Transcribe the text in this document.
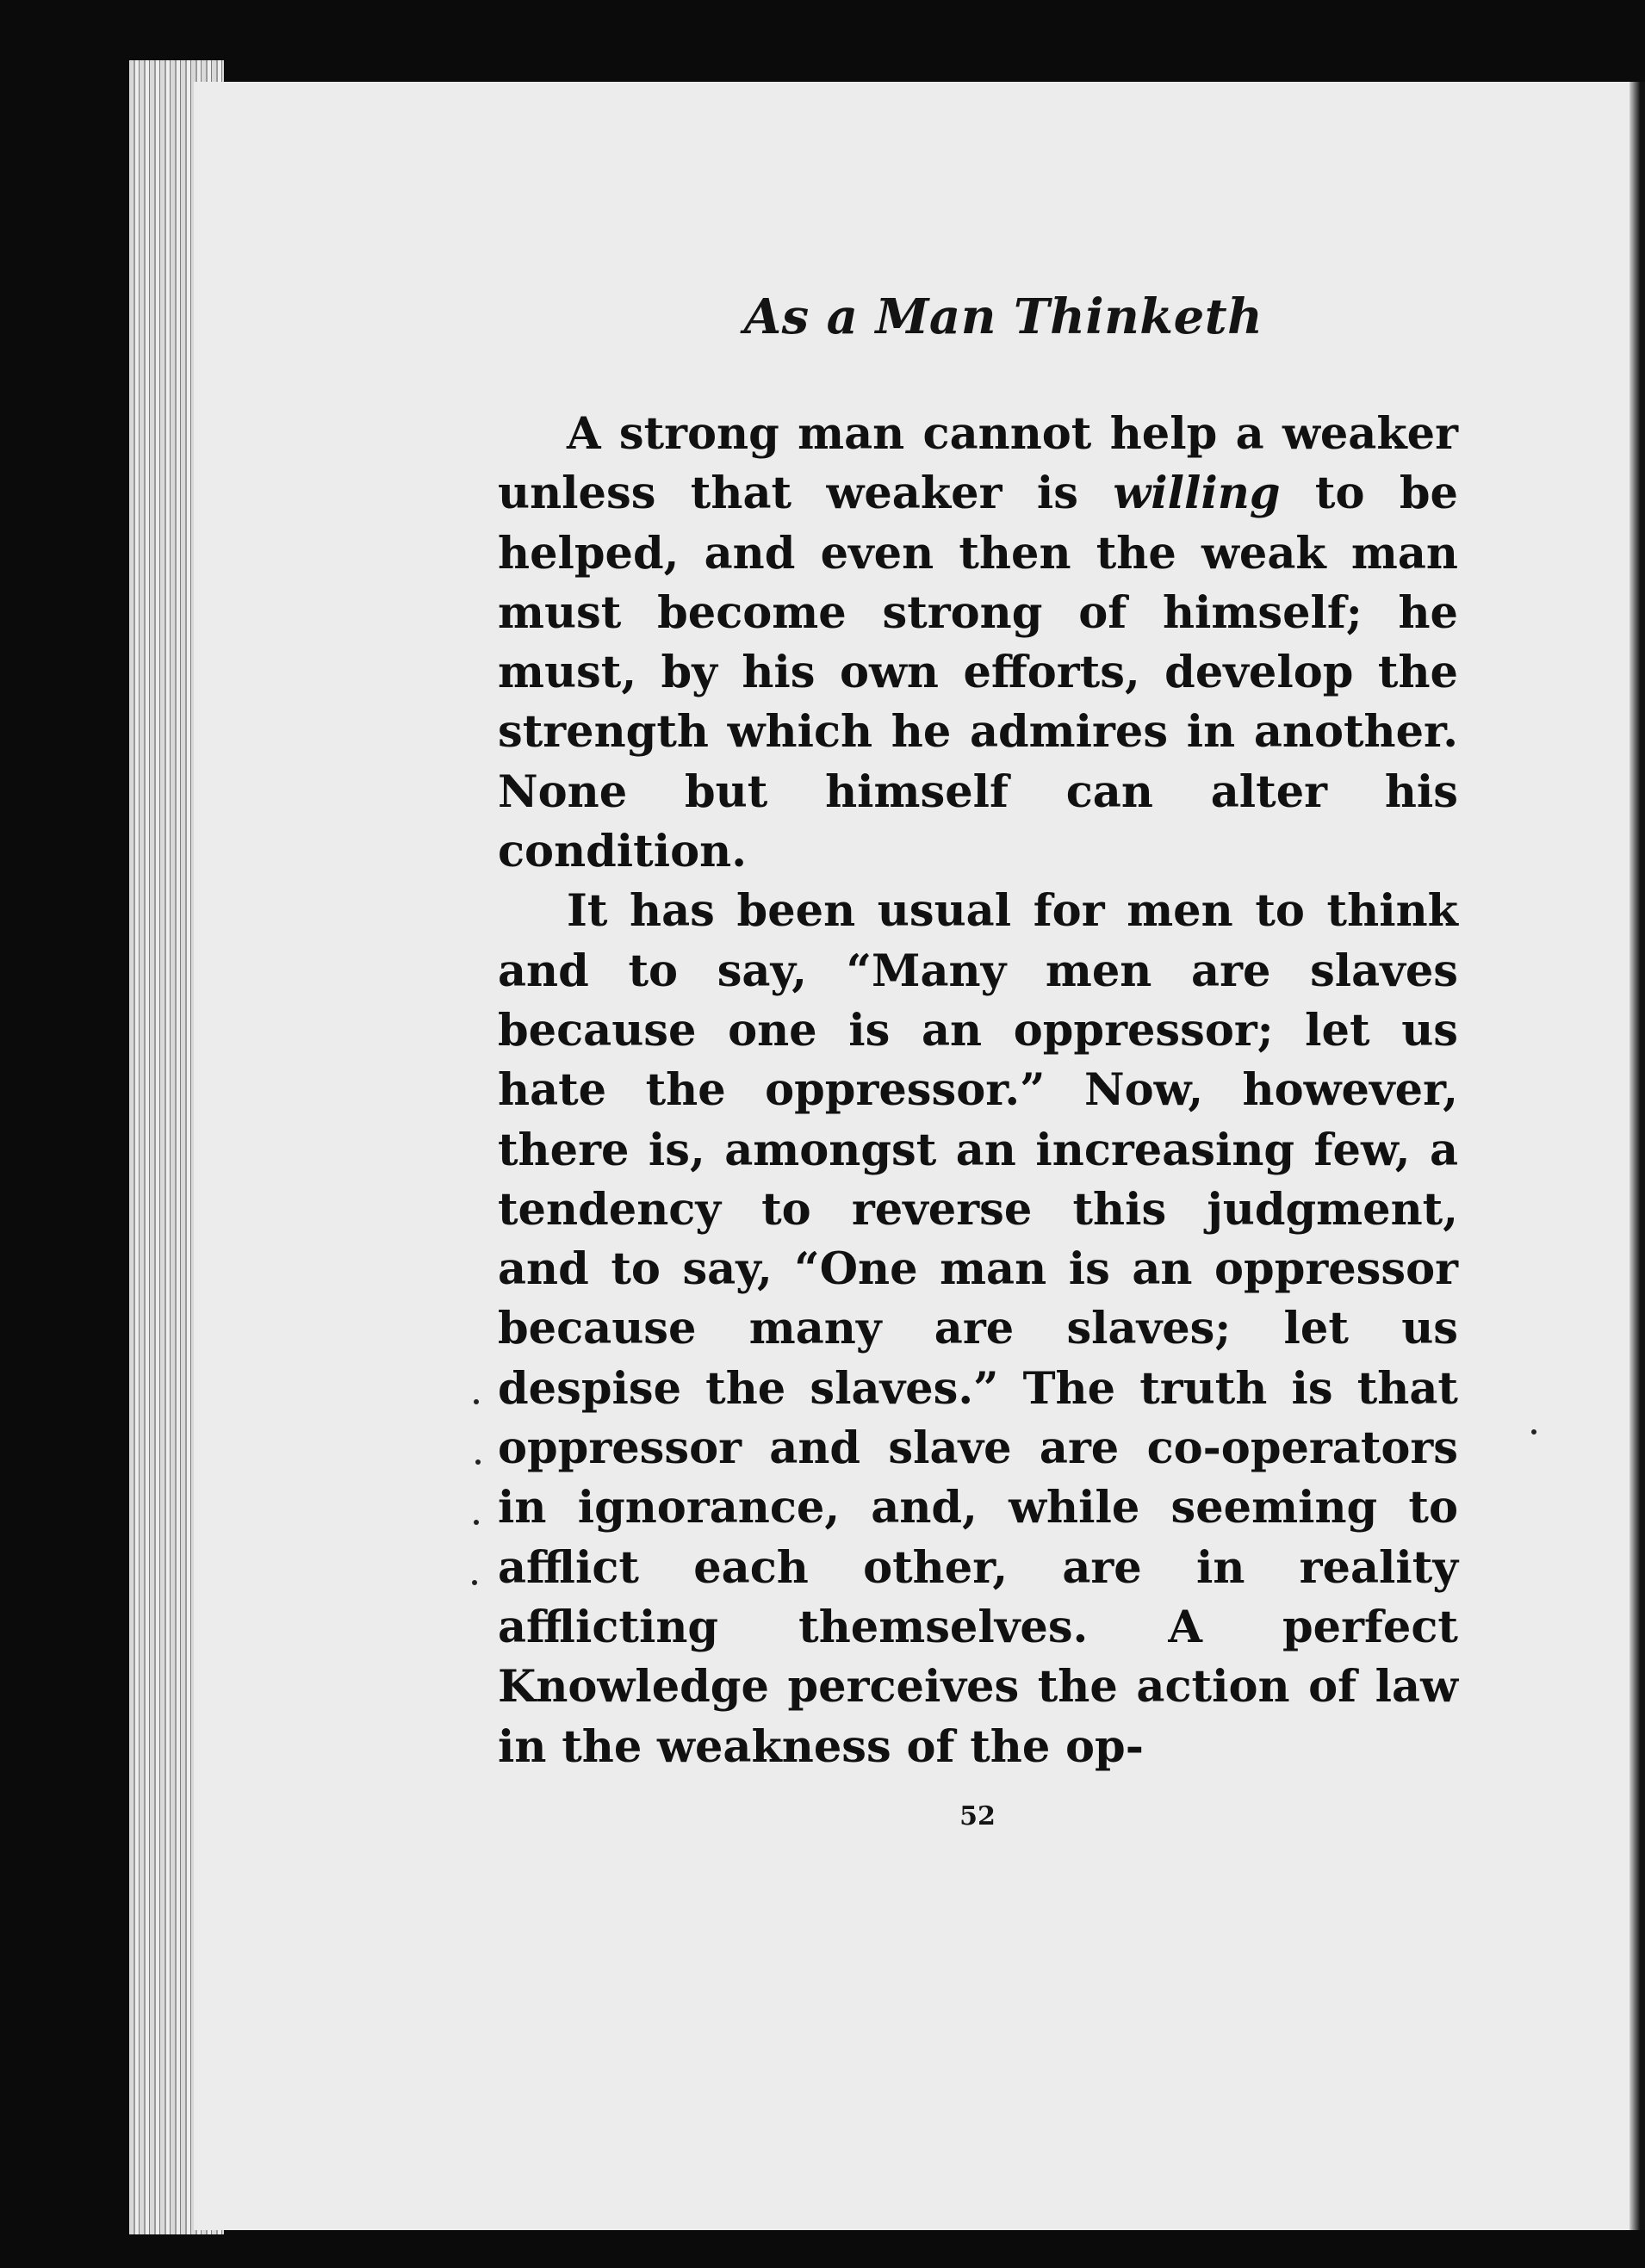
As a Man Thinketh

A strong man cannot help a weaker unless that weaker is willing to be helped, and even then the weak man must become strong of himself; he must, by his own efforts, develop the strength which he admires in another. None but himself can alter his condition.

It has been usual for men to think and to say, “Many men are slaves because one is an oppressor; let us hate the oppressor.” Now, however, there is, amongst an increasing few, a tendency to reverse this judgment, and to say, “One man is an oppressor because many are slaves; let us despise the slaves.” The truth is that oppressor and slave are co-operators in ignorance, and, while seeming to afflict each other, are in reality afflicting themselves. A perfect Knowledge perceives the action of law in the weakness of the op-

52
